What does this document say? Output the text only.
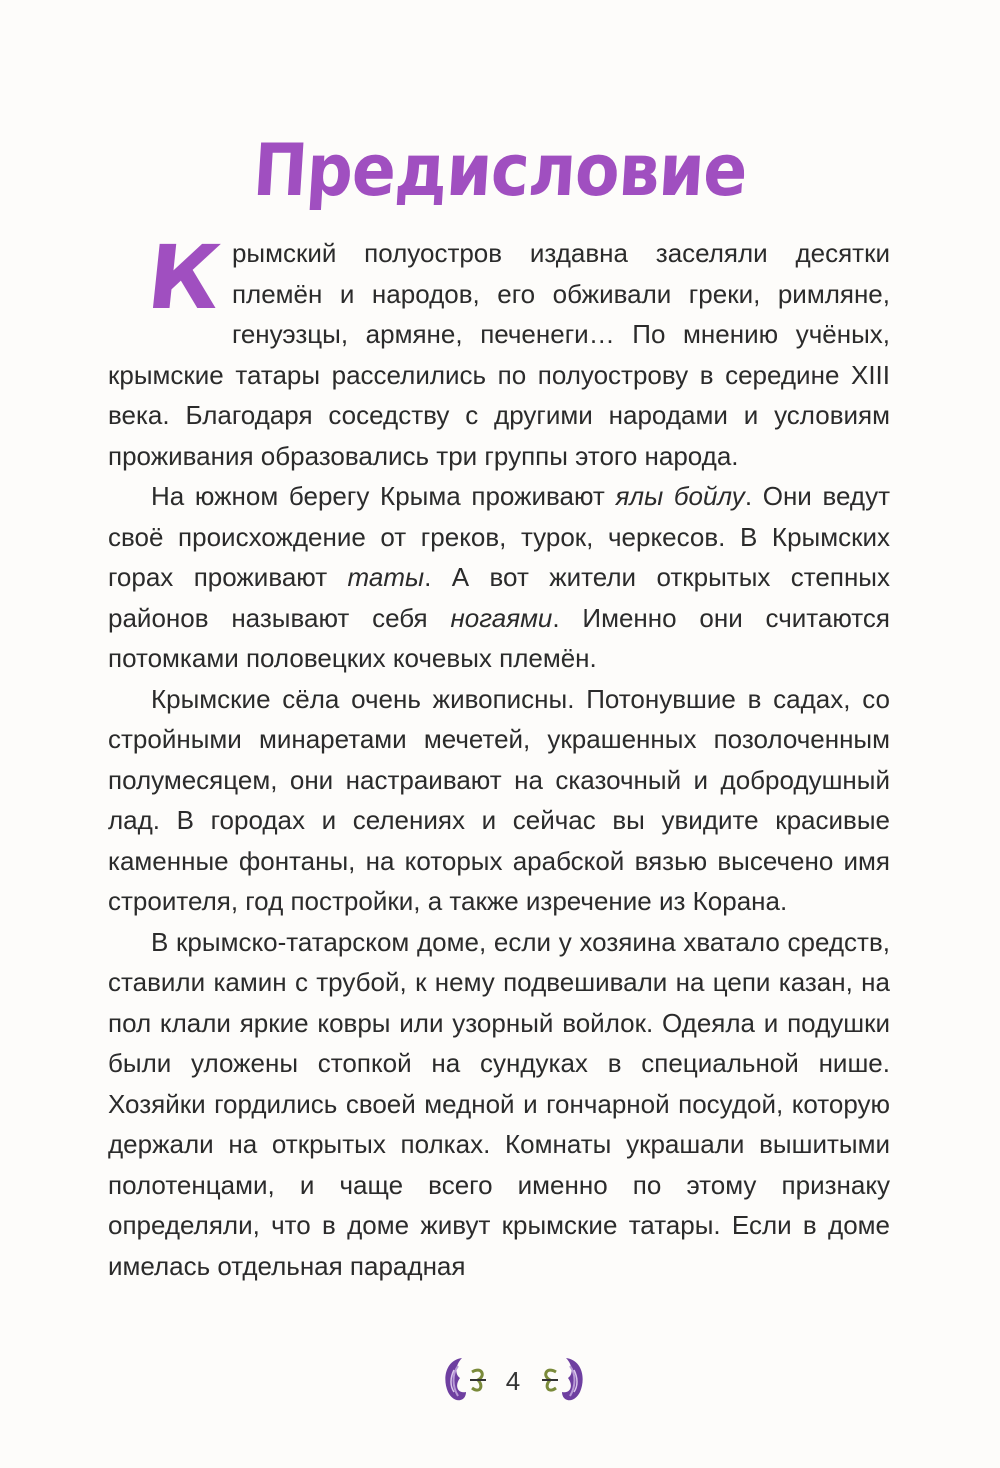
Предисловие

К рымский полуостров издавна заселяли десятки племён и народов, его обживали греки, римляне, генуэзцы, армяне, печенеги… По мнению учёных, крымские татары расселились по полуострову в середине XIII века. Благодаря соседству с другими народами и условиям проживания образовались три группы этого народа.

На южном берегу Крыма проживают ялы бойлу. Они ведут своё происхождение от греков, турок, черкесов. В Крымских горах проживают таты. А вот жители открытых степных районов называют себя ногаями. Именно они считаются потомками половецких кочевых племён.

Крымские сёла очень живописны. Потонувшие в садах, со стройными минаретами мечетей, украшенных позолоченным полумесяцем, они настраивают на сказочный и добродушный лад. В городах и селениях и сейчас вы увидите красивые каменные фонтаны, на которых арабской вязью высечено имя строителя, год постройки, а также изречение из Корана.

В крымско-татарском доме, если у хозяина хватало средств, ставили камин с трубой, к нему подвешивали на цепи казан, на пол клали яркие ковры или узорный войлок. Одеяла и подушки были уложены стопкой на сундуках в специальной нише. Хозяйки гордились своей медной и гончарной посудой, которую держали на открытых полках. Комнаты украшали вышитыми полотенцами, и чаще всего именно по этому признаку определяли, что в доме живут крымские татары. Если в доме имелась отдельная парадная

4
